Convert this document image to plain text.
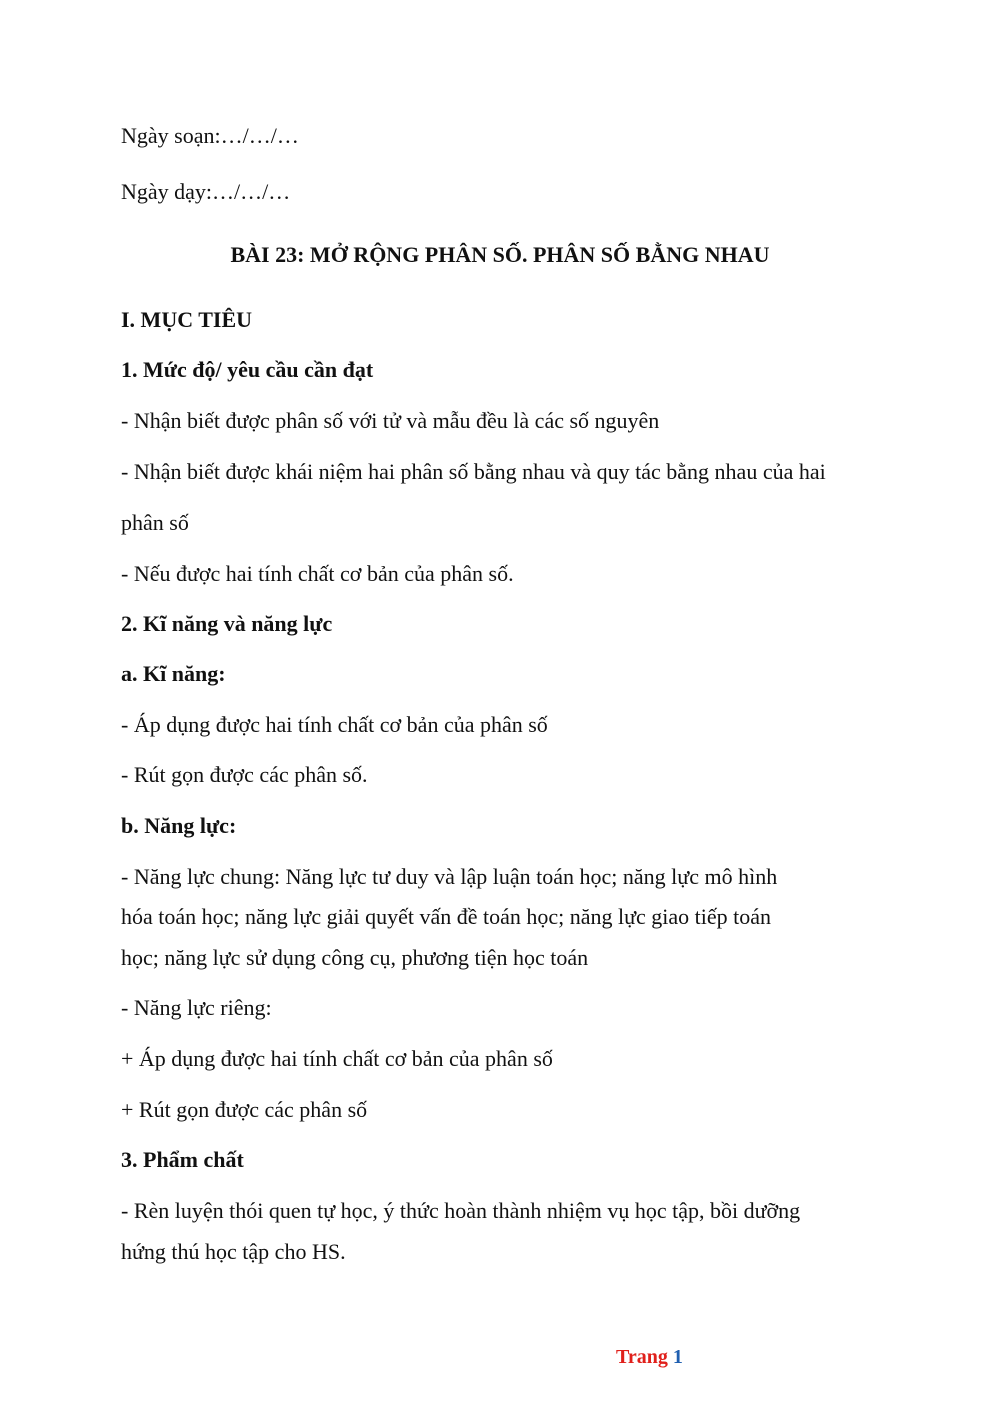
Ngày soạn:…/…/…
Ngày dạy:…/…/…
BÀI 23: MỞ RỘNG PHÂN SỐ. PHÂN SỐ BẰNG NHAU
I. MỤC TIÊU
1. Mức độ/ yêu cầu cần đạt
- Nhận biết được phân số với tử và mẫu đều là các số nguyên
- Nhận biết được khái niệm hai phân số bằng nhau và quy tác bằng nhau của hai
phân số
- Nếu được hai tính chất cơ bản của phân số.
2. Kĩ năng và năng lực
a. Kĩ năng:
- Áp dụng được hai tính chất cơ bản của phân số
- Rút gọn được các phân số.
b. Năng lực:
- Năng lực chung: Năng lực tư duy và lập luận toán học; năng lực mô hình
hóa toán học; năng lực giải quyết vấn đề toán học; năng lực giao tiếp toán
học; năng lực sử dụng công cụ, phương tiện học toán
- Năng lực riêng:
+ Áp dụng được hai tính chất cơ bản của phân số
+ Rút gọn được các phân số
3. Phẩm chất
- Rèn luyện thói quen tự học, ý thức hoàn thành nhiệm vụ học tập, bồi dưỡng
hứng thú học tập cho HS.
Trang 1
